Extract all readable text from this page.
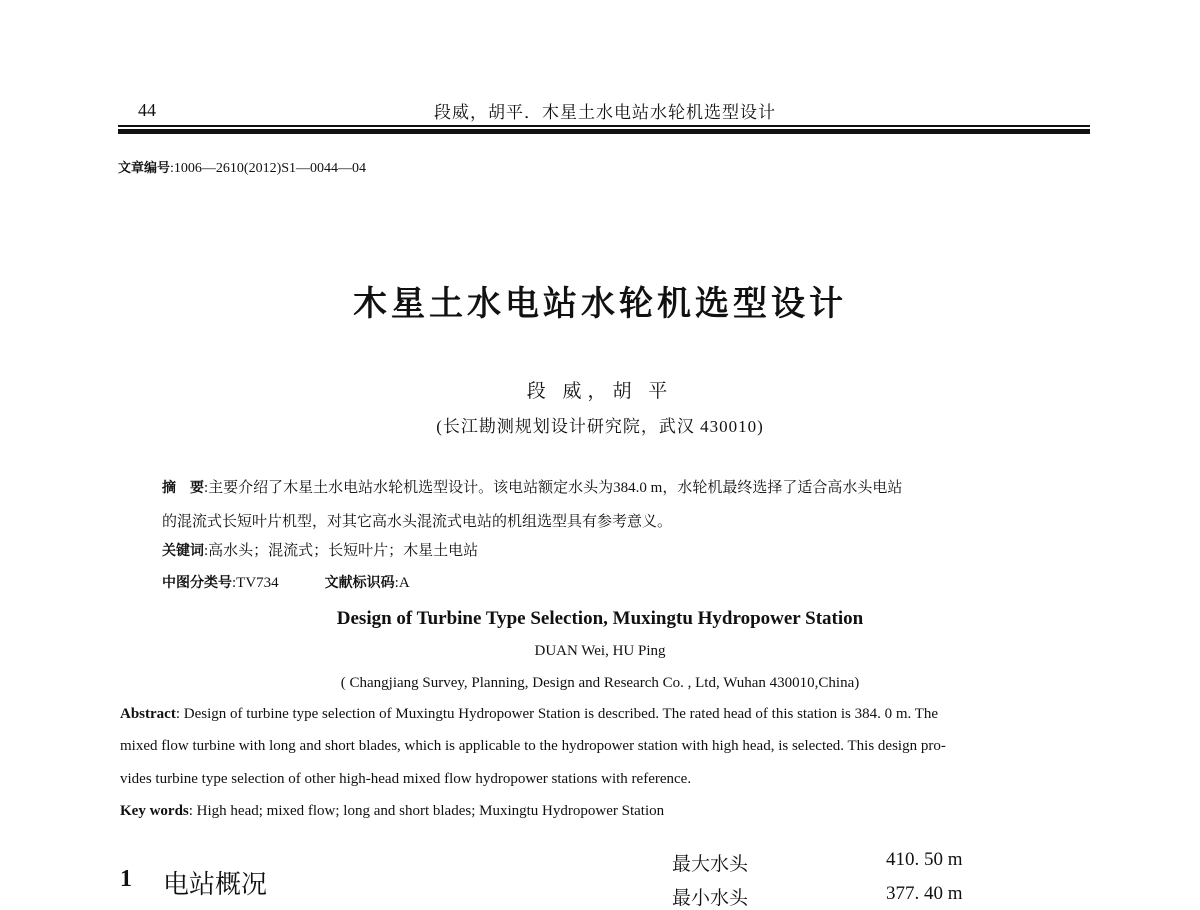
44	段威，胡平．木星土水电站水轮机选型设计
文章编号:1006—2610(2012)S1—0044—04
木星土水电站水轮机选型设计
段 威，胡 平
(长江勘测规划设计研究院，武汉 430010)
摘　要:主要介绍了木星土水电站水轮机选型设计。该电站额定水头为384.0 m，水轮机最终选择了适合高水头电站
的混流式长短叶片机型，对其它高水头混流式电站的机组选型具有参考意义。
关键词:高水头；混流式；长短叶片；木星土电站
中图分类号:TV734	文献标识码:A
Design of Turbine Type Selection, Muxingtu Hydropower Station
DUAN Wei, HU Ping
( Changjiang Survey, Planning, Design and Research Co. , Ltd, Wuhan 430010,China)
Abstract: Design of turbine type selection of Muxingtu Hydropower Station is described. The rated head of this station is 384. 0 m. The
mixed flow turbine with long and short blades, which is applicable to the hydropower station with high head, is selected. This design pro-
vides turbine type selection of other high-head mixed flow hydropower stations with reference.
Key words: High head; mixed flow; long and short blades; Muxingtu Hydropower Station
1 电站概况
最大水头	410. 50 m
最小水头	377. 40 m
